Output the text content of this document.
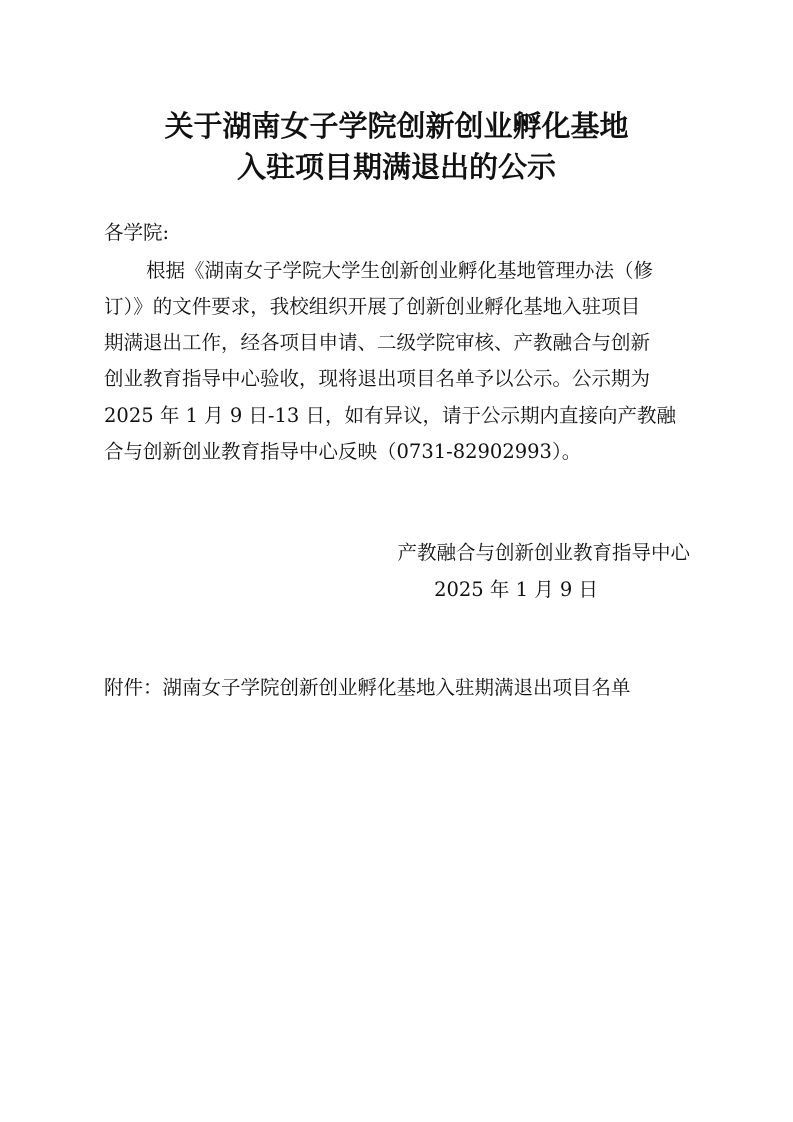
关于湖南女子学院创新创业孵化基地
入驻项目期满退出的公示

各学院:

根据《湖南女子学院大学生创新创业孵化基地管理办法（修

订）》的文件要求，我校组织开展了创新创业孵化基地入驻项目

期满退出工作，经各项目申请、二级学院审核、产教融合与创新

创业教育指导中心验收，现将退出项目名单予以公示。公示期为

2025 年 1 月 9 日-13 日，如有异议，请于公示期内直接向产教融

合与创新创业教育指导中心反映（0731-82902993）。

产教融合与创新创业教育指导中心

2025 年 1 月 9 日

附件：湖南女子学院创新创业孵化基地入驻期满退出项目名单
